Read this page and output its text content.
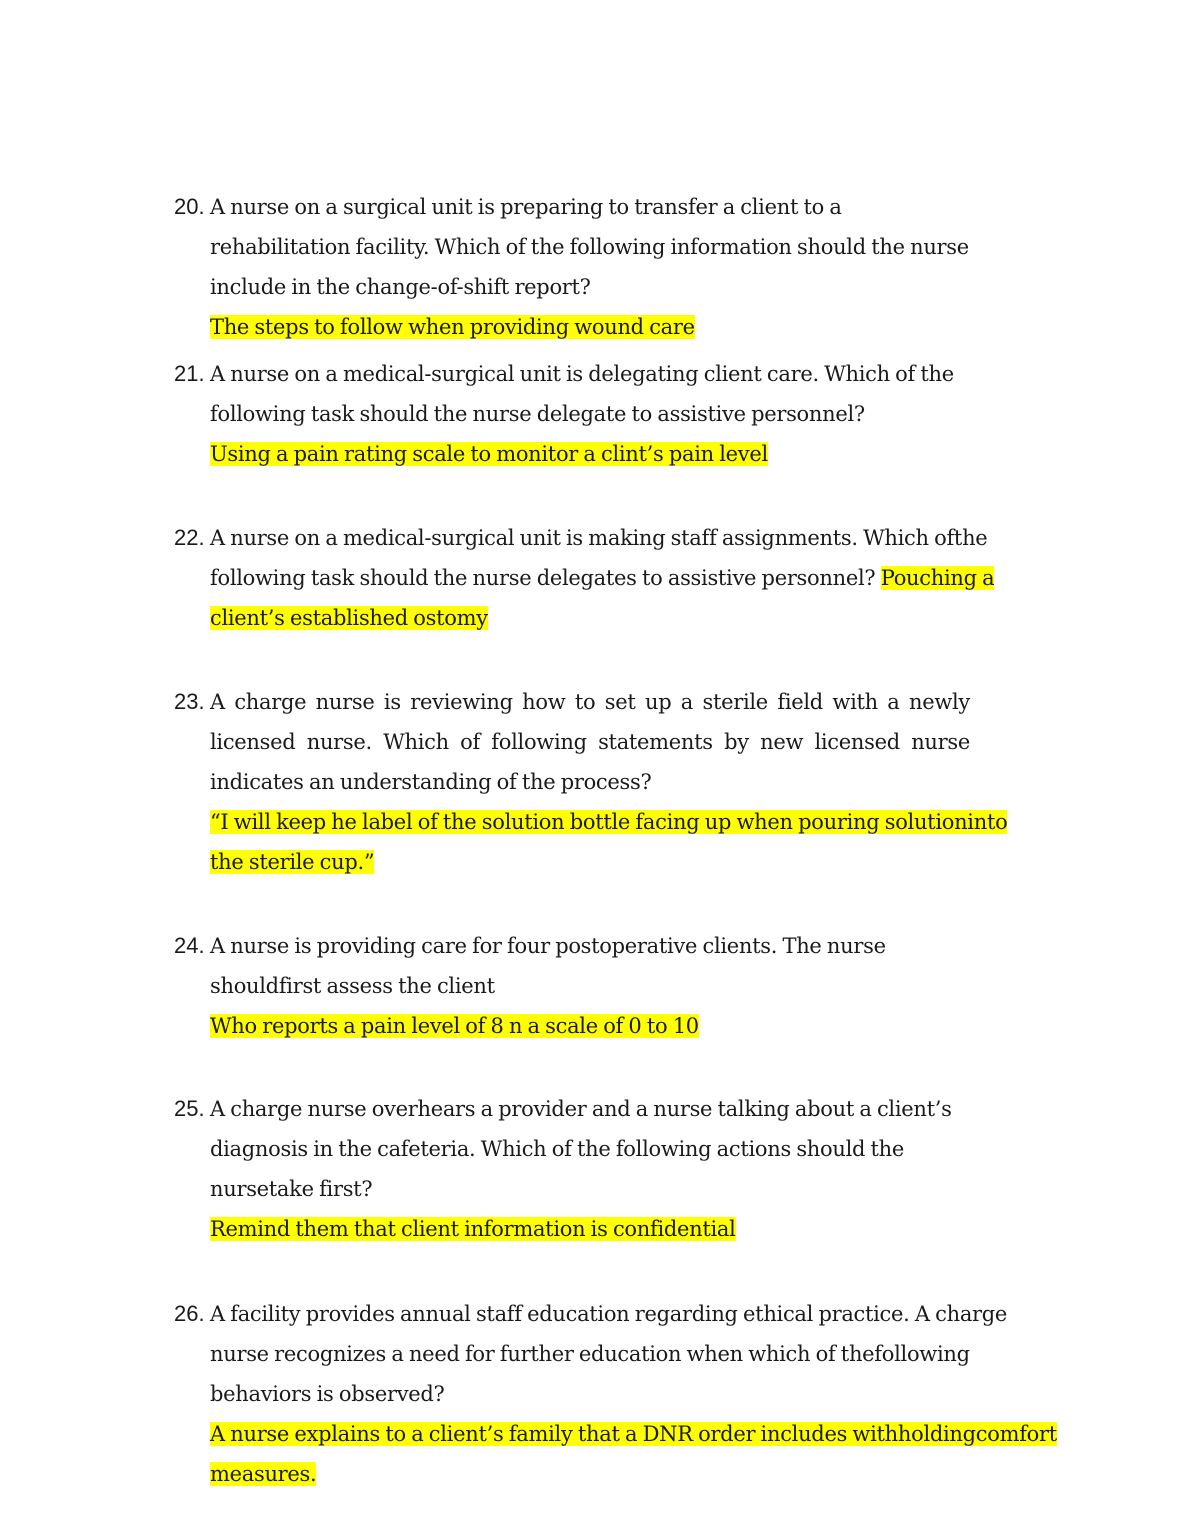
20. A nurse on a surgical unit is preparing to transfer a client to a rehabilitation facility. Which of the following information should the nurse include in the change-of-shift report?
The steps to follow when providing wound care
21. A nurse on a medical-surgical unit is delegating client care. Which of the following task should the nurse delegate to assistive personnel?
Using a pain rating scale to monitor a clint’s pain level
22. A nurse on a medical-surgical unit is making staff assignments. Which ofthe following task should the nurse delegates to assistive personnel? Pouching a client’s established ostomy
23. A charge nurse is reviewing how to set up a sterile field with a newly licensed nurse. Which of following statements by new licensed nurse indicates an understanding of the process?
“I will keep he label of the solution bottle facing up when pouring solutioninto the sterile cup.”
24. A nurse is providing care for four postoperative clients. The nurse shouldfirst assess the client
Who reports a pain level of 8 n a scale of 0 to 10
25. A charge nurse overhears a provider and a nurse talking about a client’s diagnosis in the cafeteria. Which of the following actions should the nursetake first?
Remind them that client information is confidential
26. A facility provides annual staff education regarding ethical practice. A charge nurse recognizes a need for further education when which of thefollowing behaviors is observed?
A nurse explains to a client’s family that a DNR order includes withholdingcomfort measures.
